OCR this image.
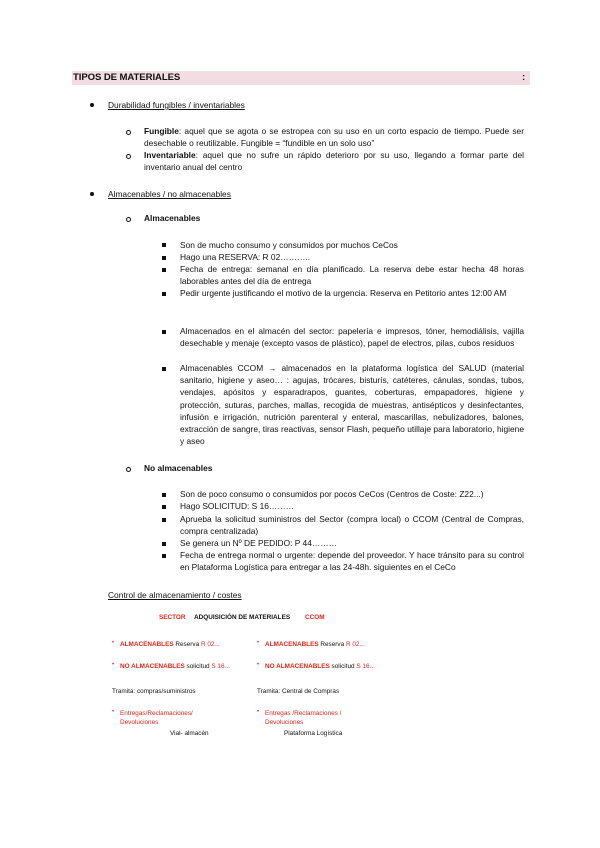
TIPOS DE MATERIALES	:
Durabilidad fungibles / inventariables
Fungible: aquel que se agota o se estropea con su uso en un corto espacio de tiempo. Puede ser desechable o reutilizable. Fungible = “fundible en un solo uso”
Inventariable: aquel que no sufre un rápido deterioro por su uso, llegando a formar parte del inventario anual del centro
Almacenables / no almacenables
Almacenables
Son de mucho consumo y consumidos por muchos CeCos
Hago una RESERVA: R 02………..
Fecha de entrega: semanal en día planificado. La reserva debe estar hecha 48 horas laborables antes del día de entrega
Pedir urgente justificando el motivo de la urgencia. Reserva en Petitorio antes 12:00 AM
Almacenados en el almacén del sector: papelería e impresos, tóner, hemodiálisis, vajilla desechable y menaje (excepto vasos de plástico), papel de electros, pilas, cubos residuos
Almacenables CCOM → almacenados en la plataforma logística del SALUD (material sanitario, higiene y aseo… : agujas, trócares, bisturís, catéteres, cánulas, sondas, tubos, vendajes, apósitos y esparadrapos, guantes, coberturas, empapadores, higiene y protección, suturas, parches, mallas, recogida de muestras, antisépticos y desinfectantes, infusión e irrigación, nutrición parenteral y enteral, mascarillas, nebulizadores, balones, extracción de sangre, tiras reactivas, sensor Flash, pequeño utillaje para laboratorio, higiene y aseo
No almacenables
Son de poco consumo o consumidos por pocos CeCos (Centros de Coste: Z22...)
Hago SOLICITUD: S 16………
Aprueba la solicitud suministros del Sector (compra local) o CCOM (Central de Compras, compra centralizada)
Se genera un Nº DE PEDIDO: P 44………
Fecha de entrega normal o urgente: depende del proveedor. Y hace tránsito para su control en Plataforma Logística para entregar a las 24-48h. siguientes en el CeCo
Control de almacenamiento / costes
SECTOR ADQUISICIÓN DE MATERIALES CCOM
• ALMACENABLES Reserva R 02...
• NO ALMACENABLES solicitud S 16...
Tramita: compras/suministros
• Entregas/Reclamaciones/
Devoluciones
Vial- almacén
• ALMACENABLES Reserva R 02...
• NO ALMACENABLES solicitud S 16...
Tramita: Central de Compras
• Entregas /Reclamaciones /
Devoluciones
Plataforma Logística
